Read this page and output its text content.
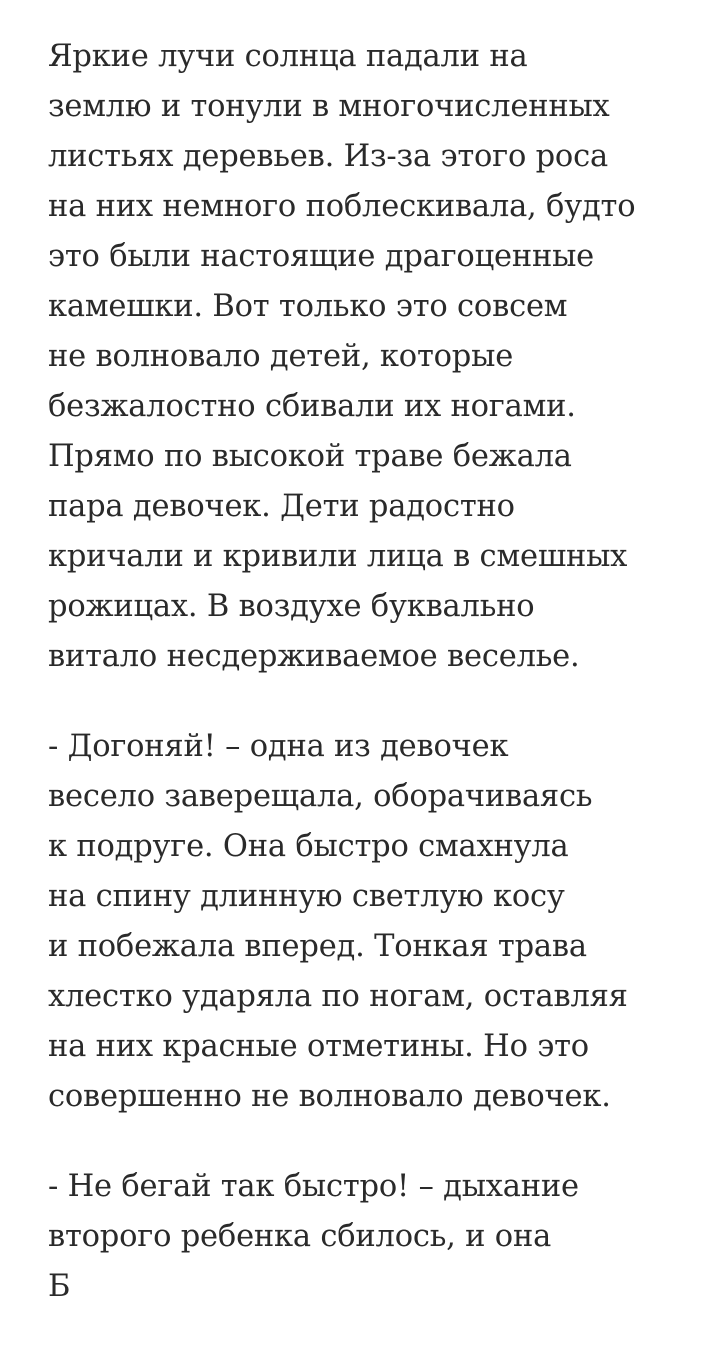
Яркие лучи солнца падали на
землю и тонули в многочисленных
листьях деревьев. Из-за этого роса
на них немного поблескивала, будто
это были настоящие драгоценные
камешки. Вот только это совсем
не волновало детей, которые
безжалостно сбивали их ногами.
Прямо по высокой траве бежала
пара девочек. Дети радостно
кричали и кривили лица в смешных
рожицах. В воздухе буквально
витало несдерживаемое веселье.

- Догоняй! – одна из девочек
весело заверещала, оборачиваясь
к подруге. Она быстро смахнула
на спину длинную светлую косу
и побежала вперед. Тонкая трава
хлестко ударяла по ногам, оставляя
на них красные отметины. Но это
совершенно не волновало девочек.

- Не бегай так быстро! – дыхание
второго ребенка сбилось, и она
Б
